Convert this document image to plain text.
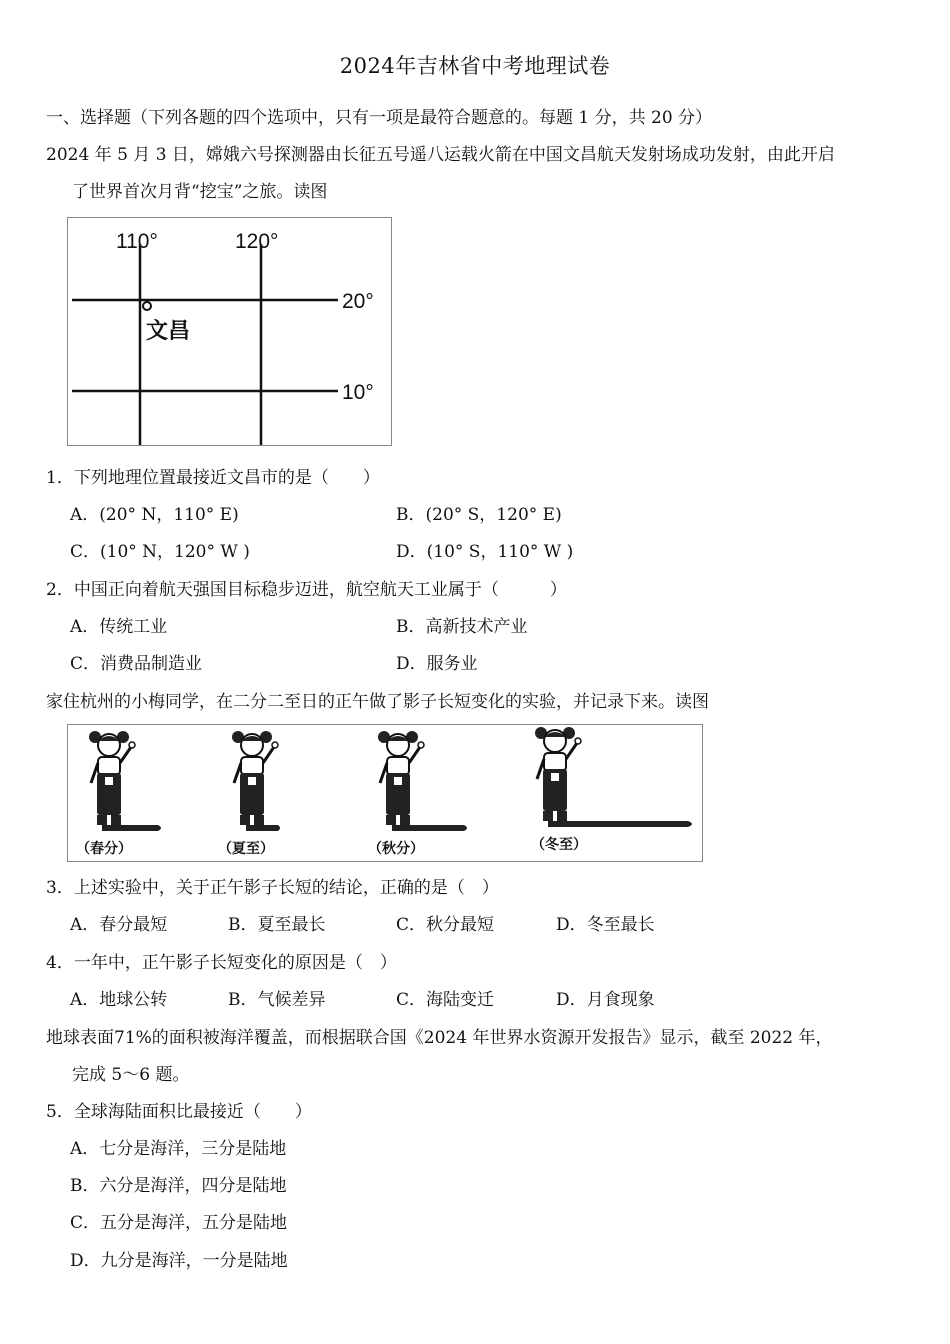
2024年吉林省中考地理试卷
一、选择题（下列各题的四个选项中，只有一项是最符合题意的。每题 1 分，共 20 分）
2024 年 5 月 3 日，嫦娥六号探测器由长征五号遥八运载火箭在中国文昌航天发射场成功发射，由此开启
了世界首次月背“挖宝”之旅。读图
110°	120°
20°
10°
文昌
1．下列地理位置最接近文昌市的是（　　）
A．(20° N，110° E)	B．(20° S，120° E)
C．(10° N，120° W )	D．(10° S，110° W )
2．中国正向着航天强国目标稳步迈进，航空航天工业属于（　　　）
A．传统工业	B．高新技术产业
C．消费品制造业	D．服务业
家住杭州的小梅同学，在二分二至日的正午做了影子长短变化的实验，并记录下来。读图
（春分）	（夏至）	（秋分）	（冬至）
3．上述实验中，关于正午影子长短的结论，正确的是（　）
A．春分最短	B．夏至最长	C．秋分最短	D．冬至最长
4．一年中，正午影子长短变化的原因是（　）
A．地球公转	B．气候差异	C．海陆变迁	D．月食现象
地球表面71%的面积被海洋覆盖，而根据联合国《2024 年世界水资源开发报告》显示，截至 2022 年，
完成 5～6 题。
5．全球海陆面积比最接近（　　）
A．七分是海洋，三分是陆地
B．六分是海洋，四分是陆地
C．五分是海洋，五分是陆地
D．九分是海洋，一分是陆地
